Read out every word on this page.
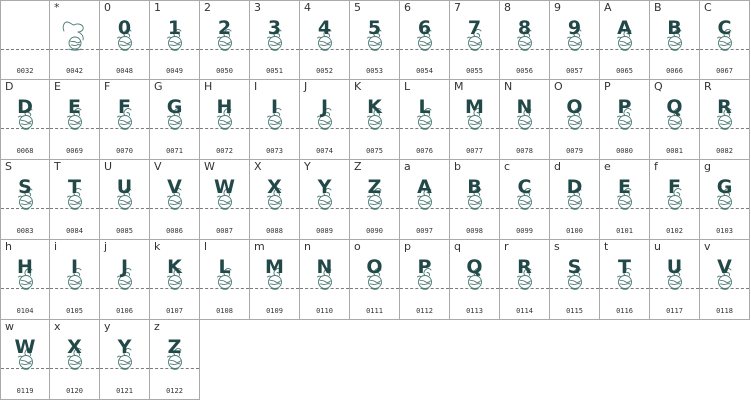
0032
*
0042
0
0
0048
1
1
0049
2
2
0050
3
3
0051
4
4
0052
5
5
0053
6
6
0054
7
7
0055
8
8
0056
9
9
0057
A
A
0065
B
B
0066
C
C
0067
D
D
0068
E
E
0069
F
F
0070
G
G
0071
H
H
0072
I
I
0073
J
J
0074
K
K
0075
L
L
0076
M
M
0077
N
N
0078
O
O
0079
P
P
0080
Q
Q
0081
R
R
0082
S
S
0083
T
T
0084
U
U
0085
V
V
0086
W
W
0087
X
X
0088
Y
Y
0089
Z
Z
0090
a
A
0097
b
B
0098
c
C
0099
d
D
0100
e
E
0101
f
F
0102
g
G
0103
h
H
0104
i
I
0105
j
J
0106
k
K
0107
l
L
0108
m
M
0109
n
N
0110
o
O
0111
p
P
0112
q
Q
0113
r
R
0114
s
S
0115
t
T
0116
u
U
0117
v
V
0118
w
W
0119
x
X
0120
y
Y
0121
z
Z
0122
